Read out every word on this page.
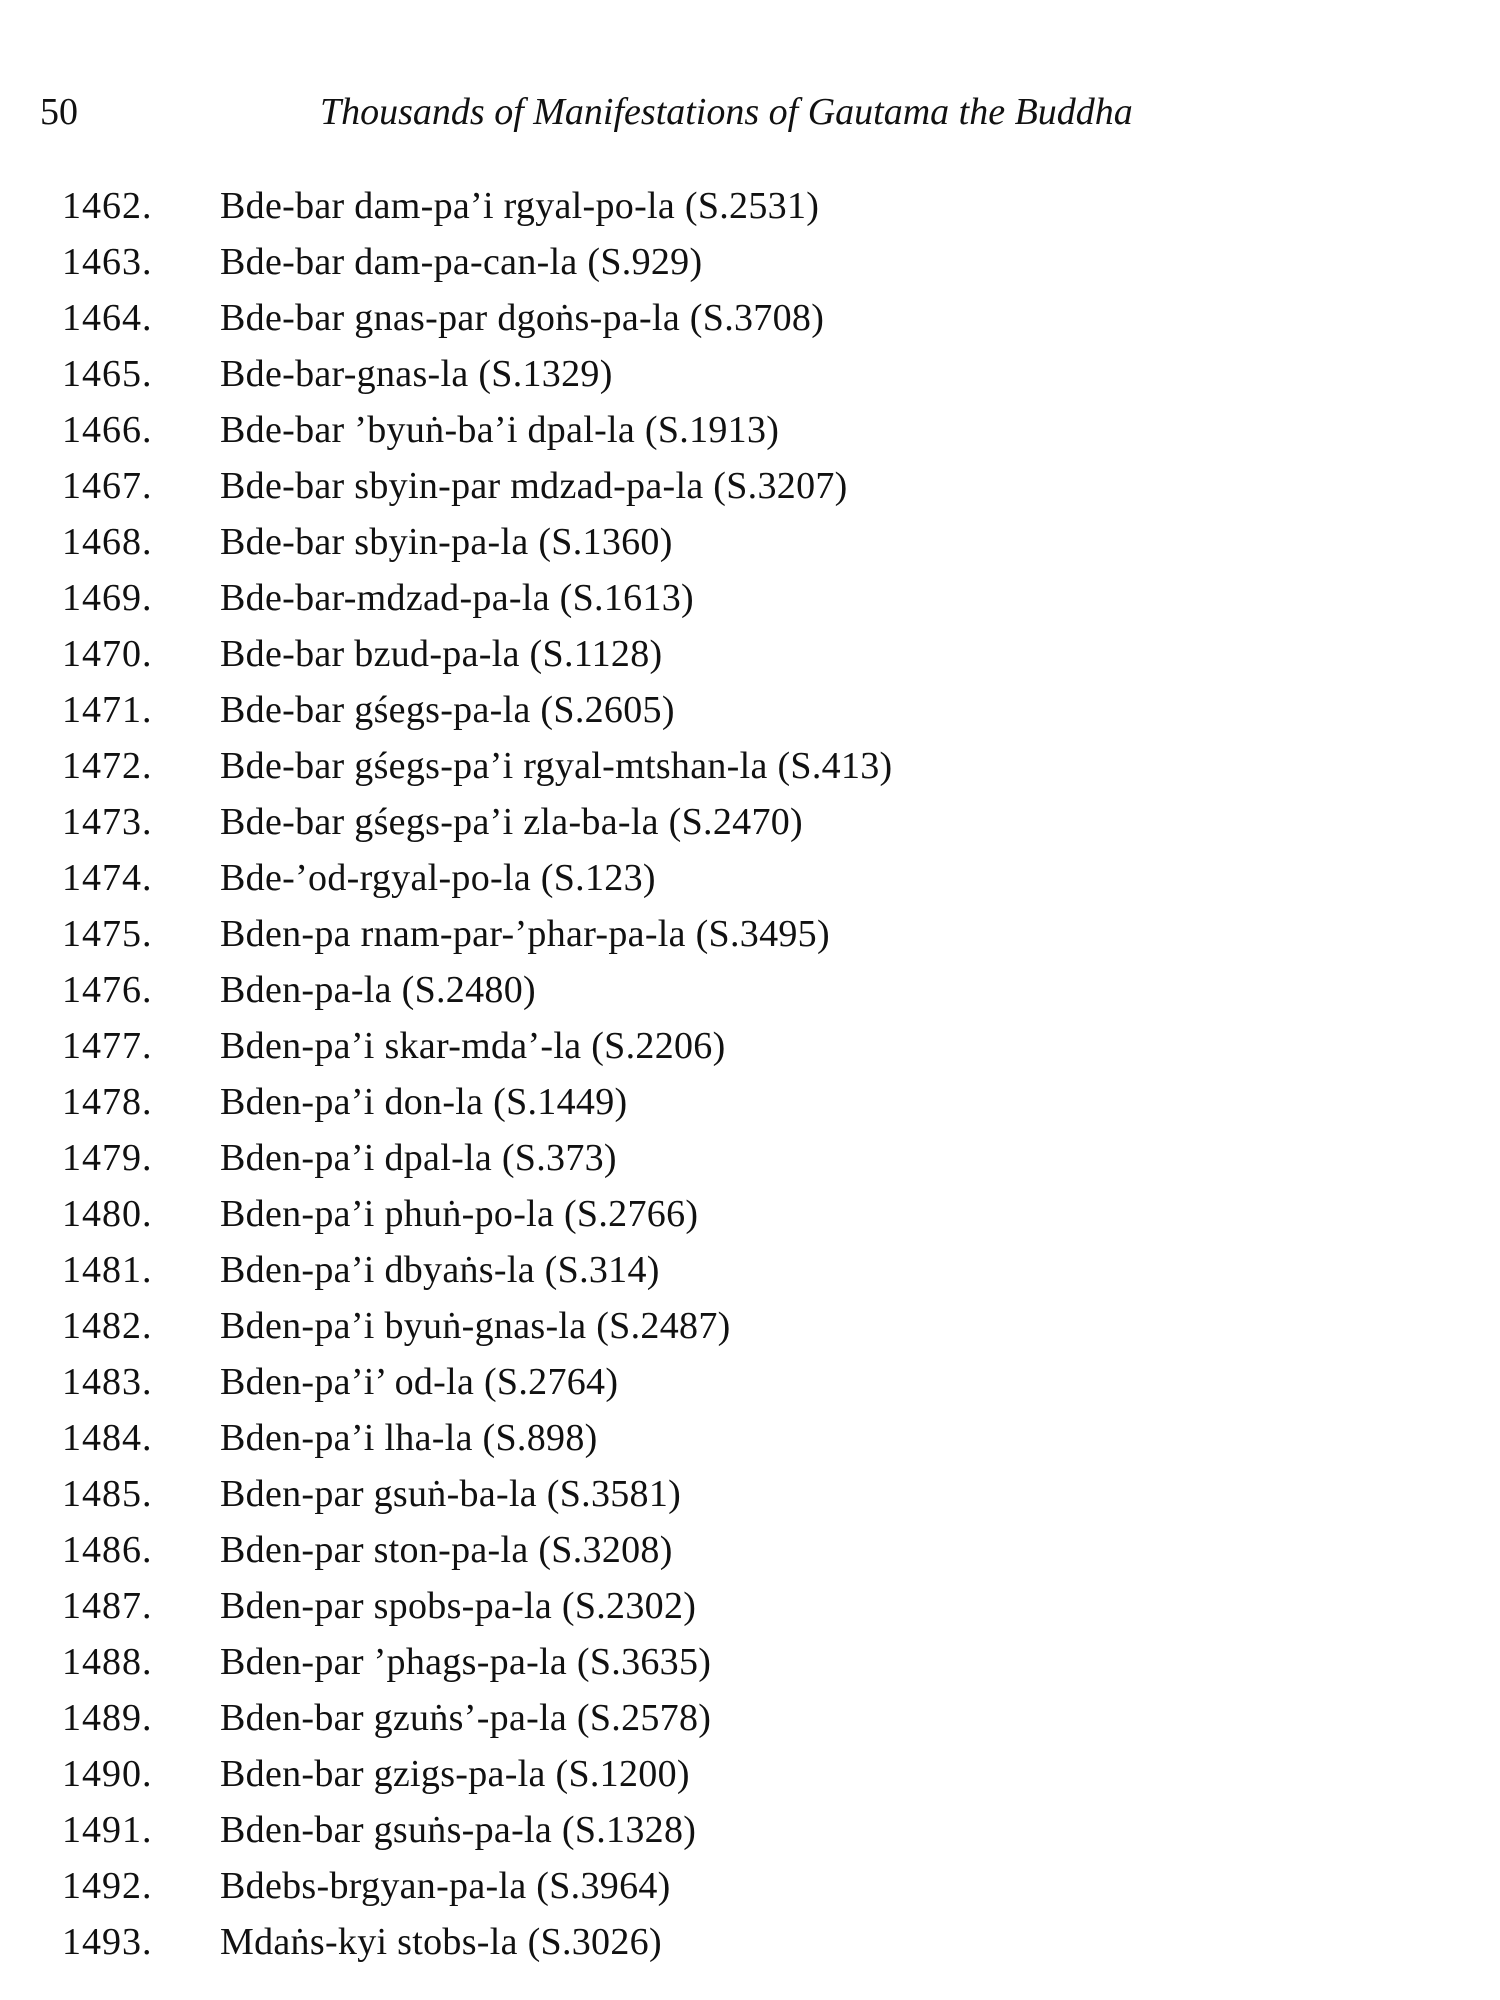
50	Thousands of Manifestations of Gautama the Buddha
1462.	Bde-bar dam-pa’i rgyal-po-la (S.2531)
1463.	Bde-bar dam-pa-can-la (S.929)
1464.	Bde-bar gnas-par dgoṅs-pa-la (S.3708)
1465.	Bde-bar-gnas-la (S.1329)
1466.	Bde-bar ’byuṅ-ba’i dpal-la (S.1913)
1467.	Bde-bar sbyin-par mdzad-pa-la (S.3207)
1468.	Bde-bar sbyin-pa-la (S.1360)
1469.	Bde-bar-mdzad-pa-la (S.1613)
1470.	Bde-bar bzud-pa-la (S.1128)
1471.	Bde-bar gśegs-pa-la (S.2605)
1472.	Bde-bar gśegs-pa’i rgyal-mtshan-la (S.413)
1473.	Bde-bar gśegs-pa’i zla-ba-la (S.2470)
1474.	Bde-’od-rgyal-po-la (S.123)
1475.	Bden-pa rnam-par-’phar-pa-la (S.3495)
1476.	Bden-pa-la (S.2480)
1477.	Bden-pa’i skar-mda’-la (S.2206)
1478.	Bden-pa’i don-la (S.1449)
1479.	Bden-pa’i dpal-la (S.373)
1480.	Bden-pa’i phuṅ-po-la (S.2766)
1481.	Bden-pa’i dbyaṅs-la (S.314)
1482.	Bden-pa’i byuṅ-gnas-la (S.2487)
1483.	Bden-pa’i’ od-la (S.2764)
1484.	Bden-pa’i lha-la (S.898)
1485.	Bden-par gsuṅ-ba-la (S.3581)
1486.	Bden-par ston-pa-la (S.3208)
1487.	Bden-par spobs-pa-la (S.2302)
1488.	Bden-par ’phags-pa-la (S.3635)
1489.	Bden-bar gzuṅs’-pa-la (S.2578)
1490.	Bden-bar gzigs-pa-la (S.1200)
1491.	Bden-bar gsuṅs-pa-la (S.1328)
1492.	Bdebs-brgyan-pa-la (S.3964)
1493.	Mdaṅs-kyi stobs-la (S.3026)
